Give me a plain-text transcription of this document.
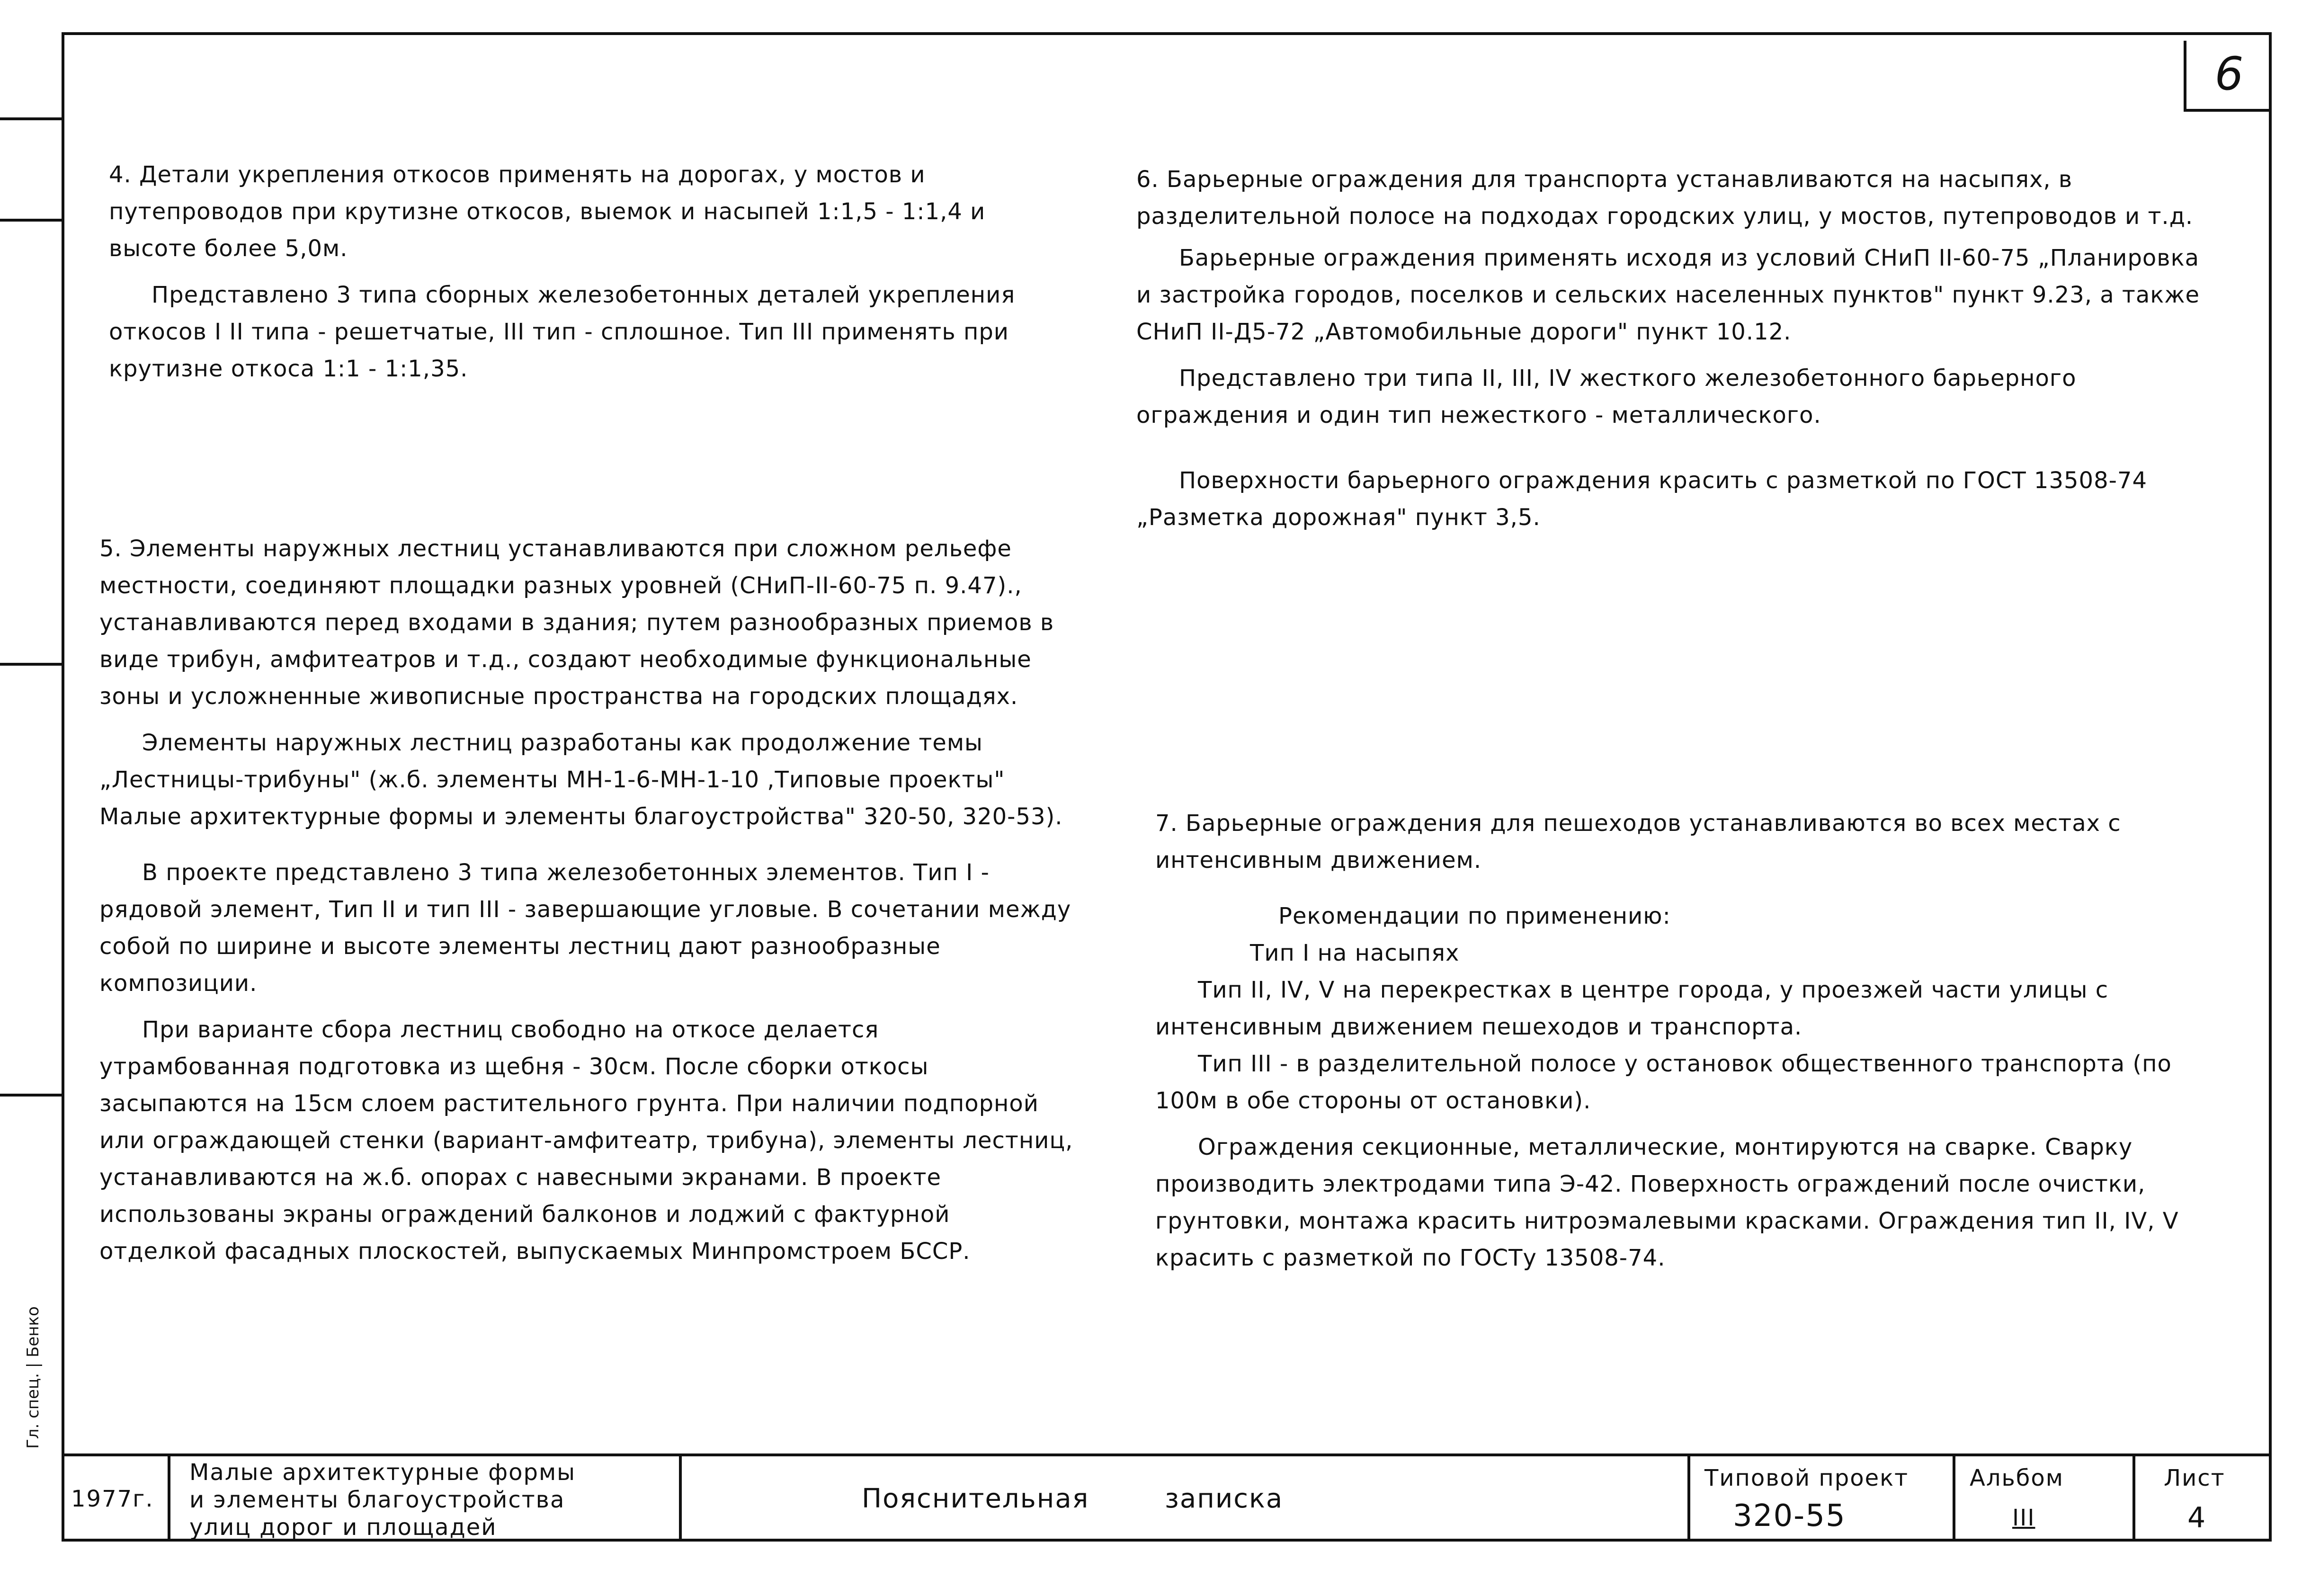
Гл. спец. | Бенко
6

4. Детали укрепления откосов применять на дорогах, у мостов и путепроводов при крутизне откосов, выемок и насыпей 1:1,5 - 1:1,4 и высоте более 5,0м.

Представлено 3 типа сборных железобетонных деталей укрепления откосов I II типа - решетчатые, III тип - сплошное. Тип III применять при крутизне откоса 1:1 - 1:1,35.

5. Элементы наружных лестниц устанавливаются при сложном рельефе местности, соединяют площадки разных уровней (СНиП-II-60-75 п. 9.47)., устанавливаются перед входами в здания; путем разнообразных приемов в виде трибун, амфитеатров и т.д., создают необходимые функциональные зоны и усложненные живописные пространства на городских площадях.

Элементы наружных лестниц разработаны как продолжение темы „Лестницы-трибуны" (ж.б. элементы МН-1-6-МН-1-10 ,Типовые проекты" Малые архитектурные формы и элементы благоустройства" 320-50, 320-53).

В проекте представлено 3 типа железобетонных элементов. Тип I - рядовой элемент, Тип II и тип III - завершающие угловые. В сочетании между собой по ширине и высоте элементы лестниц дают разнообразные композиции.

При варианте сбора лестниц свободно на откосе делается утрамбованная подготовка из щебня - 30см. После сборки откосы засыпаются на 15см слоем растительного грунта. При наличии подпорной или ограждающей стенки (вариант-амфитеатр, трибуна), элементы лестниц, устанавливаются на ж.б. опорах с навесными экранами. В проекте использованы экраны ограждений балконов и лоджий с фактурной отделкой фасадных плоскостей, выпускаемых Минпромстроем БССР.

6. Барьерные ограждения для транспорта устанавливаются на насыпях, в разделительной полосе на подходах городских улиц, у мостов, путепроводов и т.д.

Барьерные ограждения применять исходя из условий СНиП II-60-75 „Планировка и застройка городов, поселков и сельских населенных пунктов" пункт 9.23, а также СНиП II-Д5-72 „Автомобильные дороги" пункт 10.12.

Представлено три типа II, III, IV жесткого железобетонного барьерного ограждения и один тип нежесткого - металлического.

Поверхности барьерного ограждения красить с разметкой по ГОСТ 13508-74 „Разметка дорожная" пункт 3,5.

7. Барьерные ограждения для пешеходов устанавливаются во всех местах с интенсивным движением.

Рекомендации по применению:

Тип I на насыпях

Тип II, IV, V на перекрестках в центре города, у проезжей части улицы с интенсивным движением пешеходов и транспорта.

Тип III - в разделительной полосе у остановок общественного транспорта (по 100м в обе стороны от остановки).

Ограждения секционные, металлические, монтируются на сварке. Сварку производить электродами типа Э-42. Поверхность ограждений после очистки, грунтовки, монтажа красить нитроэмалевыми красками. Ограждения тип II, IV, V красить с разметкой по ГОСТу 13508-74.

1977г.
Малые архитектурные формы
и элементы благоустройства
улиц дорог и площадей
Пояснительная записка
Типовой проект
320-55
Альбом
III
Лист
4
